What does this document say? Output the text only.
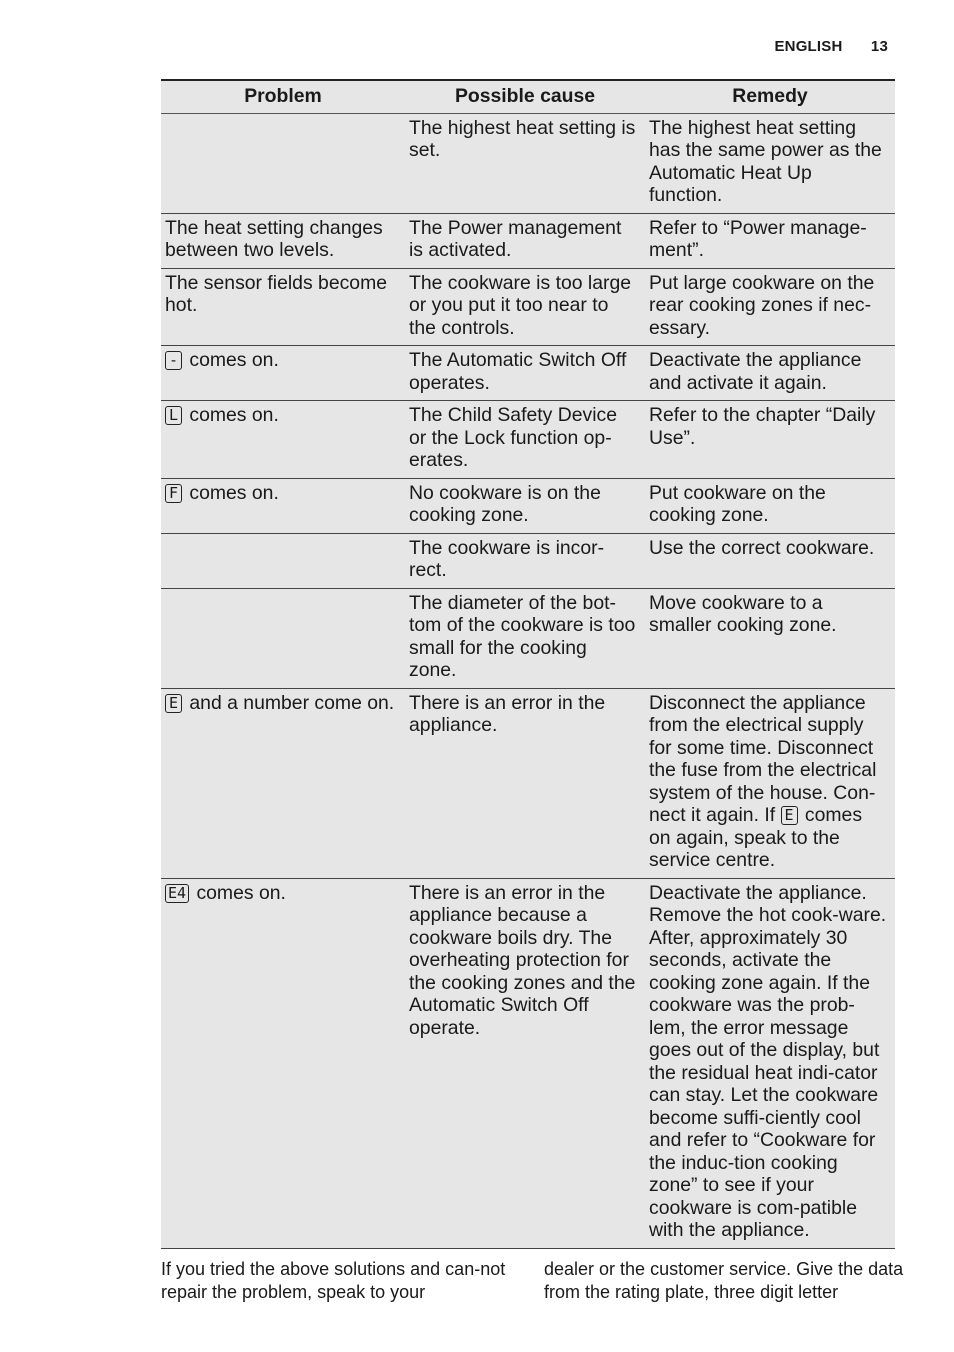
ENGLISH 13
Problem	Possible cause	Remedy
	The highest heat setting is set.	The highest heat setting has the same power as the Automatic Heat Up function.
The heat setting changes between two levels.	The Power management is activated.	Refer to “Power manage-ment”.
The sensor fields become hot.	The cookware is too large or you put it too near to the controls.	Put large cookware on the rear cooking zones if nec-essary.
- comes on.	The Automatic Switch Off operates.	Deactivate the appliance and activate it again.
L comes on.	The Child Safety Device or the Lock function op-erates.	Refer to the chapter “Daily Use”.
F comes on.	No cookware is on the cooking zone.	Put cookware on the cooking zone.
	The cookware is incor-rect.	Use the correct cookware.
	The diameter of the bot-tom of the cookware is too small for the cooking zone.	Move cookware to a smaller cooking zone.
E and a number come on.	There is an error in the appliance.	Disconnect the appliance from the electrical supply for some time. Disconnect the fuse from the electrical system of the house. Con-nect it again. If E comes on again, speak to the service centre.
E4 comes on.	There is an error in the appliance because a cookware boils dry. The overheating protection for the cooking zones and the Automatic Switch Off operate.	Deactivate the appliance. Remove the hot cook-ware. After, approximately 30 seconds, activate the cooking zone again. If the cookware was the prob-lem, the error message goes out of the display, but the residual heat indi-cator can stay. Let the cookware become suffi-ciently cool and refer to “Cookware for the induc-tion cooking zone” to see if your cookware is com-patible with the appliance.
If you tried the above solutions and can-not repair the problem, speak to your
dealer or the customer service. Give the data from the rating plate, three digit letter
